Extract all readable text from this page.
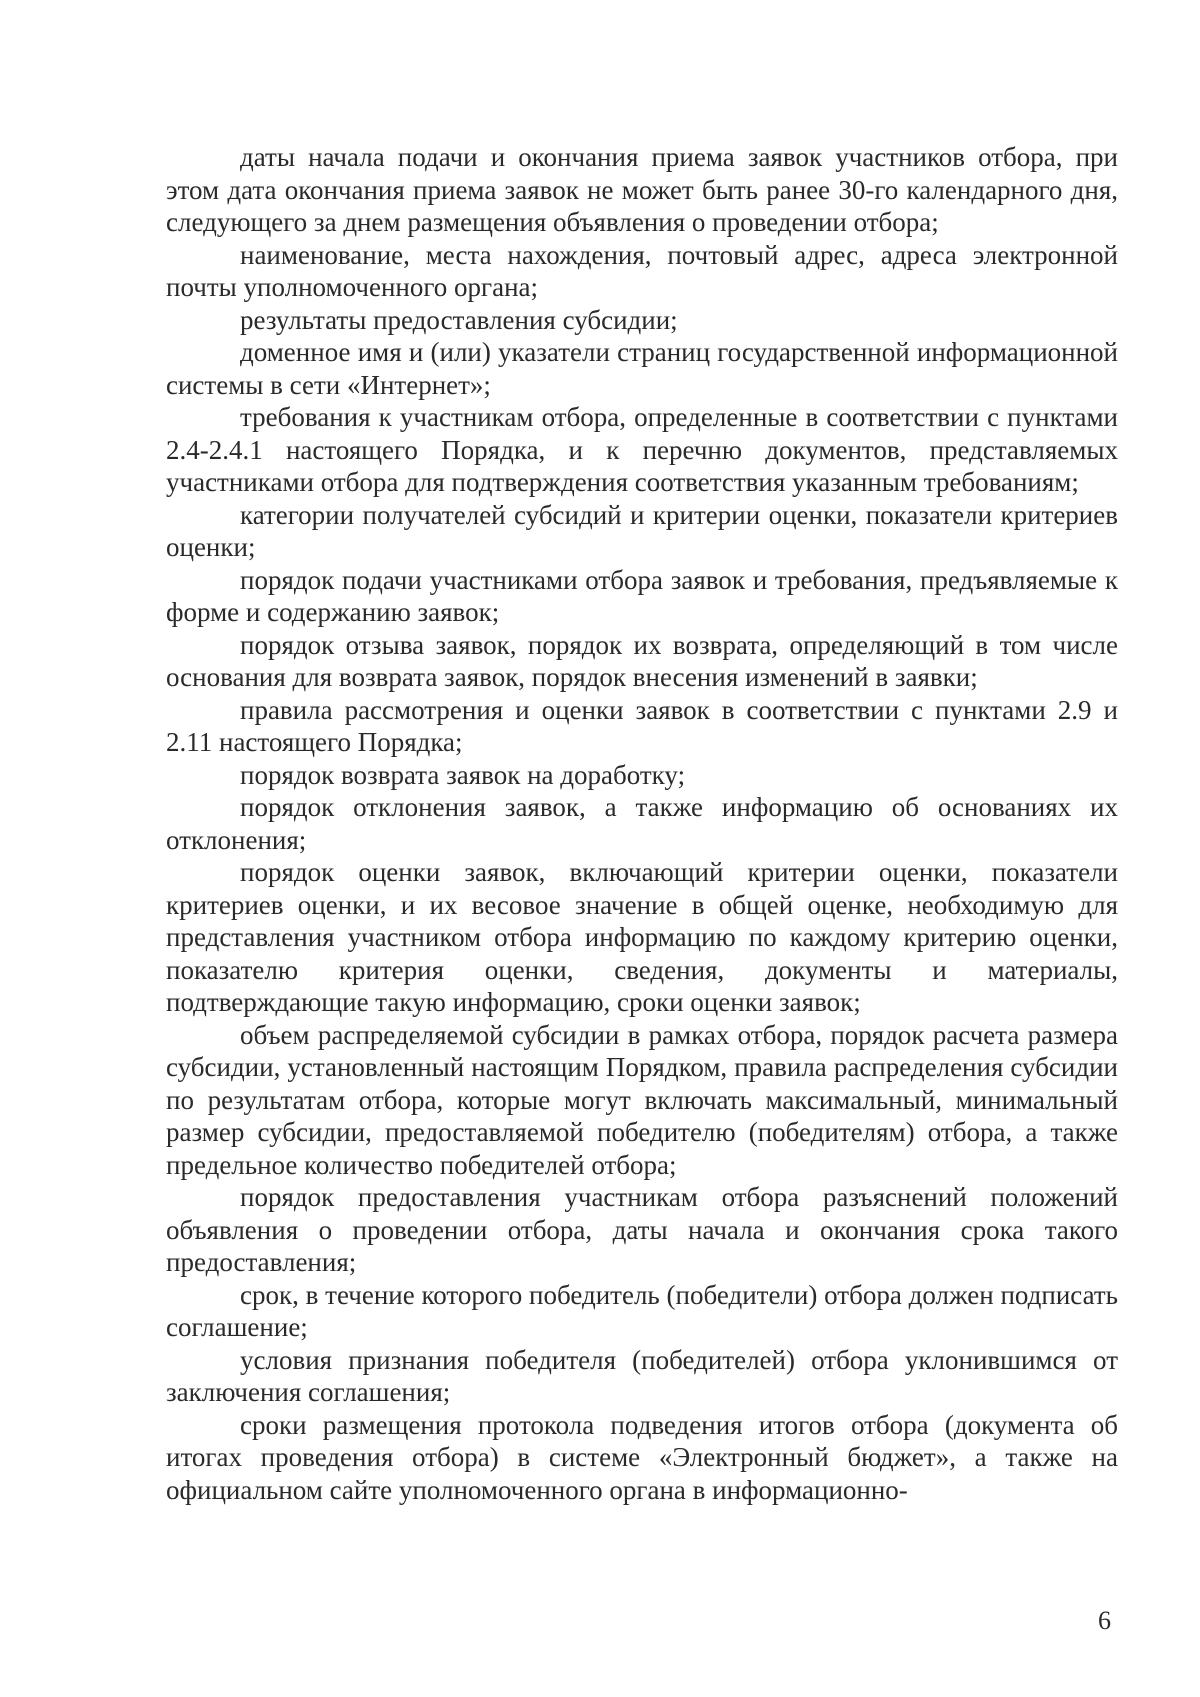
даты начала подачи и окончания приема заявок участников отбора, при этом дата окончания приема заявок не может быть ранее 30-го календарного дня, следующего за днем размещения объявления о проведении отбора;

наименование, места нахождения, почтовый адрес, адреса электронной почты уполномоченного органа;

результаты предоставления субсидии;

доменное имя и (или) указатели страниц государственной информационной системы в сети «Интернет»;

требования к участникам отбора, определенные в соответствии с пунктами 2.4-2.4.1 настоящего Порядка, и к перечню документов, представляемых участниками отбора для подтверждения соответствия указанным требованиям;

категории получателей субсидий и критерии оценки, показатели критериев оценки;

порядок подачи участниками отбора заявок и требования, предъявляемые к форме и содержанию заявок;

порядок отзыва заявок, порядок их возврата, определяющий в том числе основания для возврата заявок, порядок внесения изменений в заявки;

правила рассмотрения и оценки заявок в соответствии с пунктами 2.9 и 2.11 настоящего Порядка;

порядок возврата заявок на доработку;

порядок отклонения заявок, а также информацию об основаниях их отклонения;

порядок оценки заявок, включающий критерии оценки, показатели критериев оценки, и их весовое значение в общей оценке, необходимую для представления участником отбора информацию по каждому критерию оценки, показателю критерия оценки, сведения, документы и материалы, подтверждающие такую информацию, сроки оценки заявок;

объем распределяемой субсидии в рамках отбора, порядок расчета размера субсидии, установленный настоящим Порядком, правила распределения субсидии по результатам отбора, которые могут включать максимальный, минимальный размер субсидии, предоставляемой победителю (победителям) отбора, а также предельное количество победителей отбора;

порядок предоставления участникам отбора разъяснений положений объявления о проведении отбора, даты начала и окончания срока такого предоставления;

срок, в течение которого победитель (победители) отбора должен подписать соглашение;

условия признания победителя (победителей) отбора уклонившимся от заключения соглашения;

сроки размещения протокола подведения итогов отбора (документа об итогах проведения отбора) в системе «Электронный бюджет», а также на официальном сайте уполномоченного органа в информационно-

6
